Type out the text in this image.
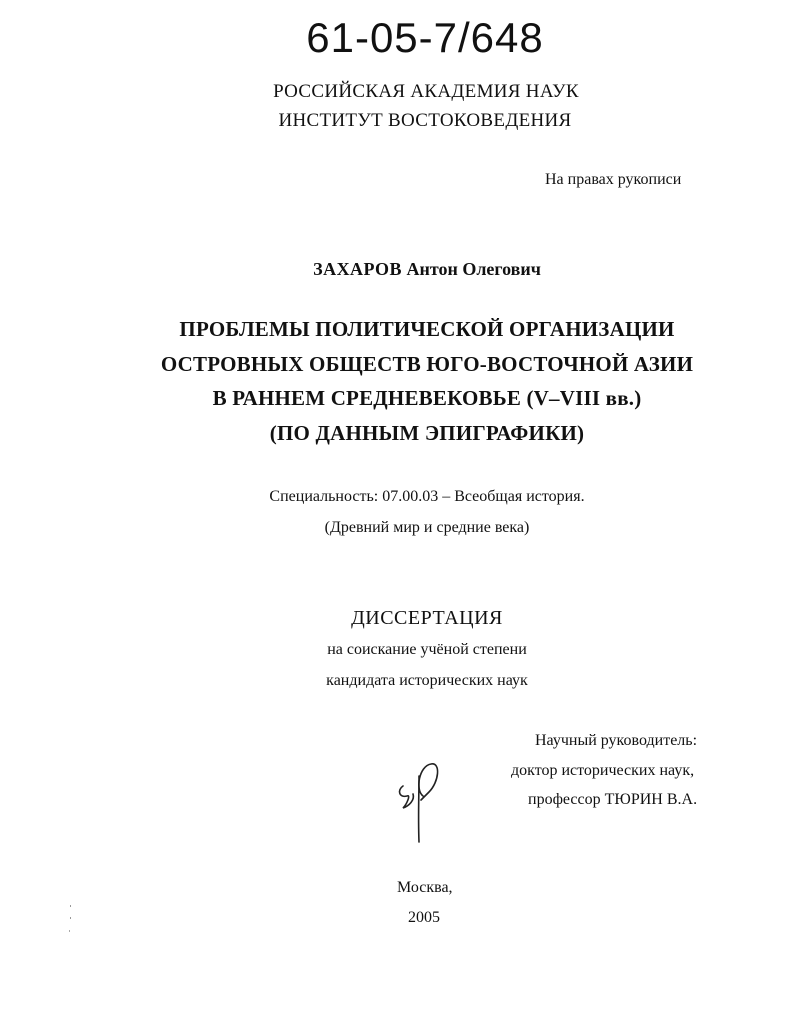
61-05-7/648
РОССИЙСКАЯ АКАДЕМИЯ НАУК
ИНСТИТУТ ВОСТОКОВЕДЕНИЯ
На правах рукописи
ЗАХАРОВ Антон Олегович
ПРОБЛЕМЫ ПОЛИТИЧЕСКОЙ ОРГАНИЗАЦИИ
ОСТРОВНЫХ ОБЩЕСТВ ЮГО-ВОСТОЧНОЙ АЗИИ
В РАННЕМ СРЕДНЕВЕКОВЬЕ (V–VIII вв.)
(ПО ДАННЫМ ЭПИГРАФИКИ)
Специальность: 07.00.03 – Всеобщая история.
(Древний мир и средние века)
ДИССЕРТАЦИЯ
на соискание учёной степени
кандидата исторических наук
Научный руководитель:
доктор исторических наук,
профессор ТЮРИН В.А.
Москва,
2005
